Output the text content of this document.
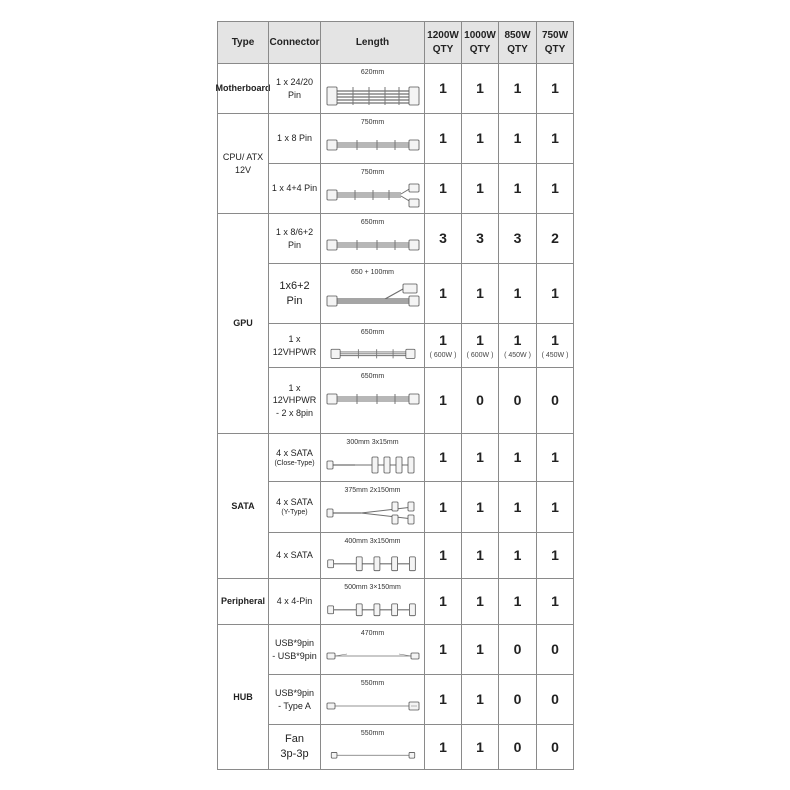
Type Connector	Length
1200W
QTY
1000W
QTY
850W
QTY
750W
QTY
Motherboard
CPU/ ATX
12V
GPU
SATA
Peripheral
HUB
1 x 24/20
Pin
620mm
1 1 1 1
1 x 8 Pin
750mm
1 1 1 1
1 x 4+4 Pin
750mm
1 1 1 1
1 x 8/6+2
Pin
650mm
3 3 3 2
1x6+2
Pin
650 + 100mm
1 1 1 1
1 x
12VHPWR
650mm	1
( 600W )
1
( 600W )
1
( 450W )
1
( 450W )
1 x
12VHPWR
- 2 x 8pin
650mm
1 0 0 0
4 x SATA
(Close-Type)
300mm 3x15mm
1 1 1 1
4 x SATA
(Y-Type)
375mm 2x150mm
1 1 1 1
4 x SATA
400mm 3x150mm
1 1 1 1
4 x 4-Pin
500mm 3×150mm
1 1 1 1
USB*9pin
- USB*9pin
470mm
1 1 0 0
USB*9pin
- Type A
550mm
1 1 0 0
Fan
3p-3p
550mm
1 1 0 0
